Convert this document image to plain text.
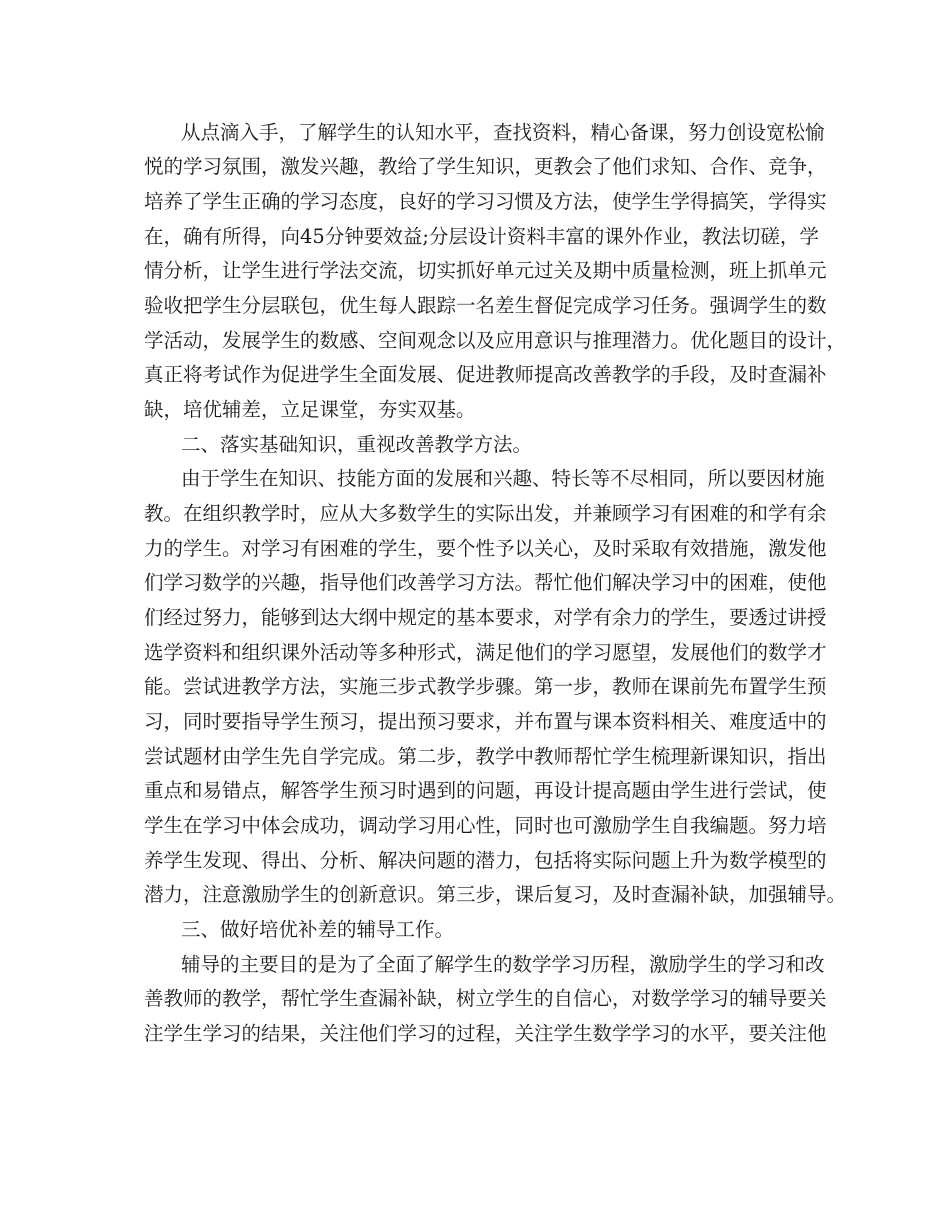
从点滴入手，了解学生的认知水平，查找资料，精心备课，努力创设宽松愉
悦的学习氛围，激发兴趣，教给了学生知识，更教会了他们求知、合作、竞争，
培养了学生正确的学习态度，良好的学习习惯及方法，使学生学得搞笑，学得实
在，确有所得，向45分钟要效益;分层设计资料丰富的课外作业，教法切磋，学
情分析，让学生进行学法交流，切实抓好单元过关及期中质量检测，班上抓单元
验收把学生分层联包，优生每人跟踪一名差生督促完成学习任务。强调学生的数
学活动，发展学生的数感、空间观念以及应用意识与推理潜力。优化题目的设计，
真正将考试作为促进学生全面发展、促进教师提高改善教学的手段，及时查漏补
缺，培优辅差，立足课堂，夯实双基。
二、落实基础知识，重视改善教学方法。
由于学生在知识、技能方面的发展和兴趣、特长等不尽相同，所以要因材施
教。在组织教学时，应从大多数学生的实际出发，并兼顾学习有困难的和学有余
力的学生。对学习有困难的学生，要个性予以关心，及时采取有效措施，激发他
们学习数学的兴趣，指导他们改善学习方法。帮忙他们解决学习中的困难，使他
们经过努力，能够到达大纲中规定的基本要求，对学有余力的学生，要透过讲授
选学资料和组织课外活动等多种形式，满足他们的学习愿望，发展他们的数学才
能。尝试进教学方法，实施三步式教学步骤。第一步，教师在课前先布置学生预
习，同时要指导学生预习，提出预习要求，并布置与课本资料相关、难度适中的
尝试题材由学生先自学完成。第二步，教学中教师帮忙学生梳理新课知识，指出
重点和易错点，解答学生预习时遇到的问题，再设计提高题由学生进行尝试，使
学生在学习中体会成功，调动学习用心性，同时也可激励学生自我编题。努力培
养学生发现、得出、分析、解决问题的潜力，包括将实际问题上升为数学模型的
潜力，注意激励学生的创新意识。第三步，课后复习，及时查漏补缺，加强辅导。
三、做好培优补差的辅导工作。
辅导的主要目的是为了全面了解学生的数学学习历程，激励学生的学习和改
善教师的教学，帮忙学生查漏补缺，树立学生的自信心，对数学学习的辅导要关
注学生学习的结果，关注他们学习的过程，关注学生数学学习的水平，要关注他
